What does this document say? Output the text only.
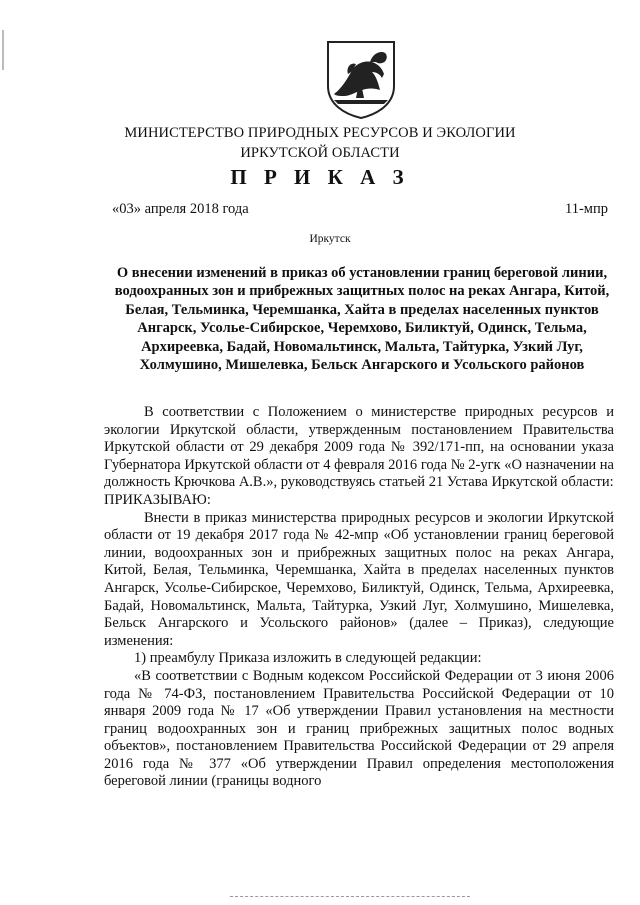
МИНИСТЕРСТВО ПРИРОДНЫХ РЕСУРСОВ И ЭКОЛОГИИ
ИРКУТСКОЙ ОБЛАСТИ
П Р И К А З
«03» апреля 2018 года	11-мпр
Иркутск
О внесении изменений в приказ об установлении границ береговой линии, водоохранных зон и прибрежных защитных полос на реках Ангара, Китой, Белая, Тельминка, Черемшанка, Хайта в пределах населенных пунктов Ангарск, Усолье-Сибирское, Черемхово, Биликтуй, Одинск, Тельма, Архиреевка, Бадай, Новомальтинск, Мальта, Тайтурка, Узкий Луг, Холмушино, Мишелевка, Бельск Ангарского и Усольского районов

В соответствии с Положением о министерстве природных ресурсов и экологии Иркутской области, утвержденным постановлением Правительства Иркутской области от 29 декабря 2009 года № 392/171-пп, на основании указа Губернатора Иркутской области от 4 февраля 2016 года № 2-угк «О назначении на должность Крючкова А.В.», руководствуясь статьей 21 Устава Иркутской области:

ПРИКАЗЫВАЮ:

Внести в приказ министерства природных ресурсов и экологии Иркутской области от 19 декабря 2017 года № 42-мпр «Об установлении границ береговой линии, водоохранных зон и прибрежных защитных полос на реках Ангара, Китой, Белая, Тельминка, Черемшанка, Хайта в пределах населенных пунктов Ангарск, Усолье-Сибирское, Черемхово, Биликтуй, Одинск, Тельма, Архиреевка, Бадай, Новомальтинск, Мальта, Тайтурка, Узкий Луг, Холмушино, Мишелевка, Бельск Ангарского и Усольского районов» (далее – Приказ), следующие изменения:

1) преамбулу Приказа изложить в следующей редакции:

«В соответствии с Водным кодексом Российской Федерации от 3 июня 2006 года № 74-ФЗ, постановлением Правительства Российской Федерации от 10 января 2009 года № 17 «Об утверждении Правил установления на местности границ водоохранных зон и границ прибрежных защитных полос водных объектов», постановлением Правительства Российской Федерации от 29 апреля 2016 года № 377 «Об утверждении Правил определения местоположения береговой линии (границы водного
